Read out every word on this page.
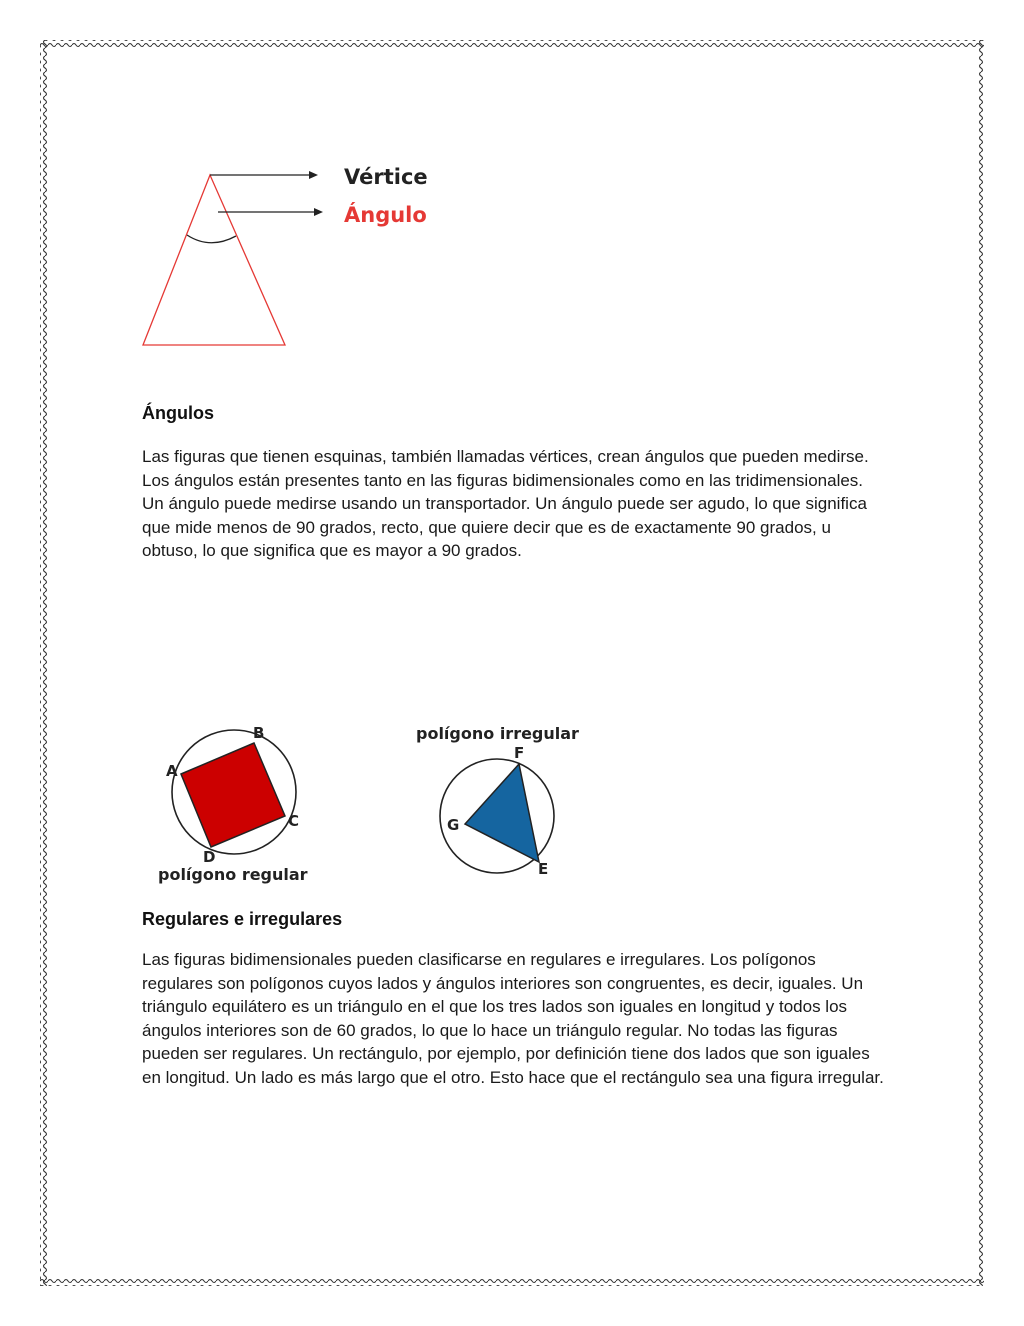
Vértice
Ángulo
Ángulos

Las figuras que tienen esquinas, también llamadas vértices, crean ángulos que pueden medirse. Los ángulos están presentes tanto en las figuras bidimensionales como en las tridimensionales. Un ángulo puede medirse usando un transportador. Un ángulo puede ser agudo, lo que significa que mide menos de 90 grados, recto, que quiere decir que es de exactamente 90 grados, u obtuso, lo que significa que es mayor a 90 grados.

A
B
C
D
polígono regular
polígono irregular
F
G
E
Regulares e irregulares

Las figuras bidimensionales pueden clasificarse en regulares e irregulares. Los polígonos regulares son polígonos cuyos lados y ángulos interiores son congruentes, es decir, iguales. Un triángulo equilátero es un triángulo en el que los tres lados son iguales en longitud y todos los ángulos interiores son de 60 grados, lo que lo hace un triángulo regular. No todas las figuras pueden ser regulares. Un rectángulo, por ejemplo, por definición tiene dos lados que son iguales en longitud. Un lado es más largo que el otro. Esto hace que el rectángulo sea una figura irregular.
